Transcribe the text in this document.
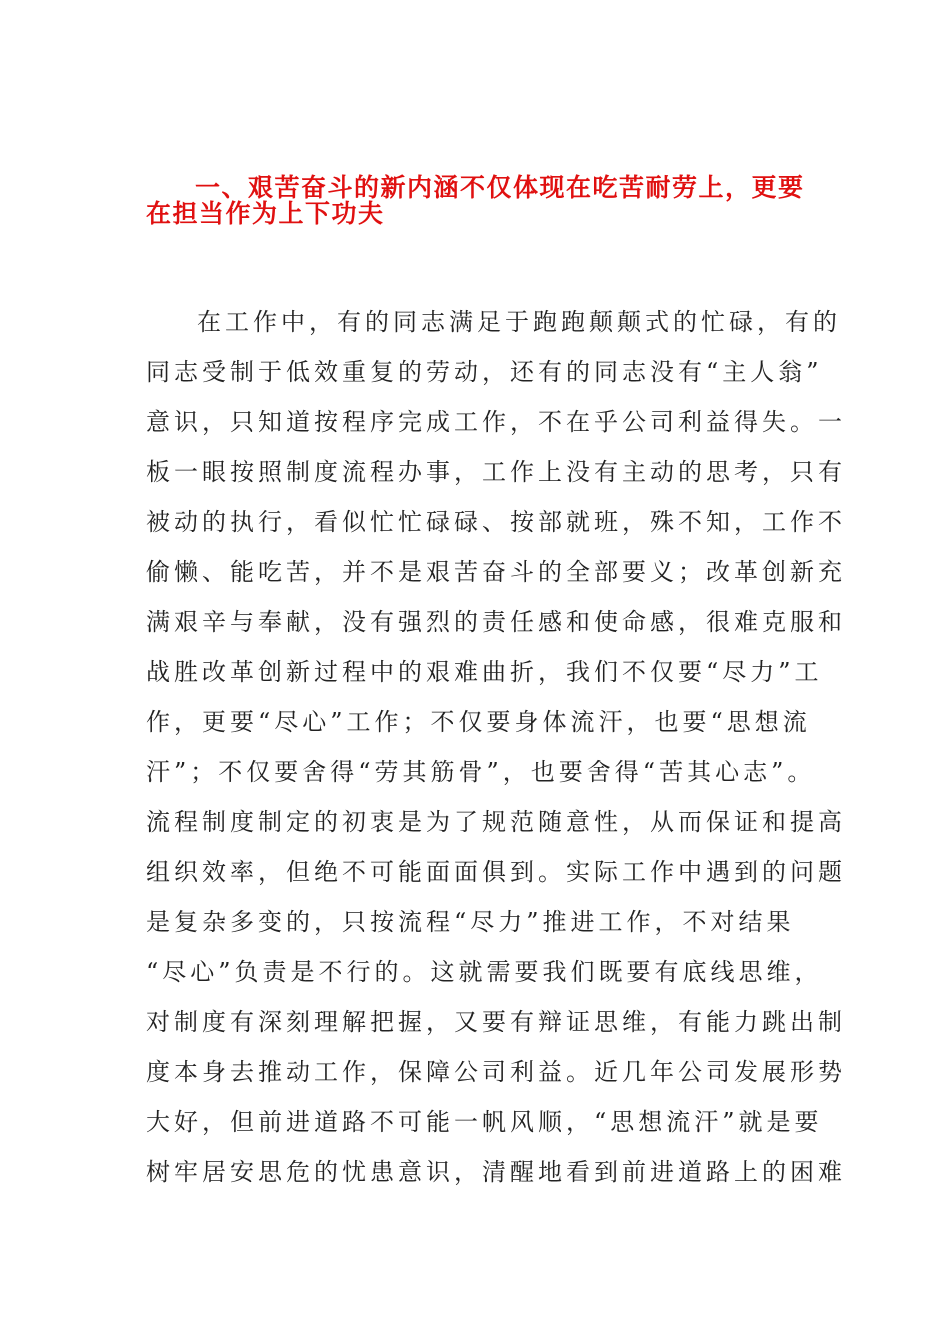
一、艰苦奋斗的新内涵不仅体现在吃苦耐劳上，更要
在担当作为上下功夫
在工作中，有的同志满足于跑跑颠颠式的忙碌，有的
同志受制于低效重复的劳动，还有的同志没有“主人翁”
意识，只知道按程序完成工作，不在乎公司利益得失。一
板一眼按照制度流程办事，工作上没有主动的思考，只有
被动的执行，看似忙忙碌碌、按部就班，殊不知，工作不
偷懒、能吃苦，并不是艰苦奋斗的全部要义；改革创新充
满艰辛与奉献，没有强烈的责任感和使命感，很难克服和
战胜改革创新过程中的艰难曲折，我们不仅要“尽力”工
作，更要“尽心”工作；不仅要身体流汗，也要“思想流
汗”；不仅要舍得“劳其筋骨”，也要舍得“苦其心志”。
流程制度制定的初衷是为了规范随意性，从而保证和提高
组织效率，但绝不可能面面俱到。实际工作中遇到的问题
是复杂多变的，只按流程“尽力”推进工作，不对结果
“尽心”负责是不行的。这就需要我们既要有底线思维，
对制度有深刻理解把握，又要有辩证思维，有能力跳出制
度本身去推动工作，保障公司利益。近几年公司发展形势
大好，但前进道路不可能一帆风顺，“思想流汗”就是要
树牢居安思危的忧患意识，清醒地看到前进道路上的困难
